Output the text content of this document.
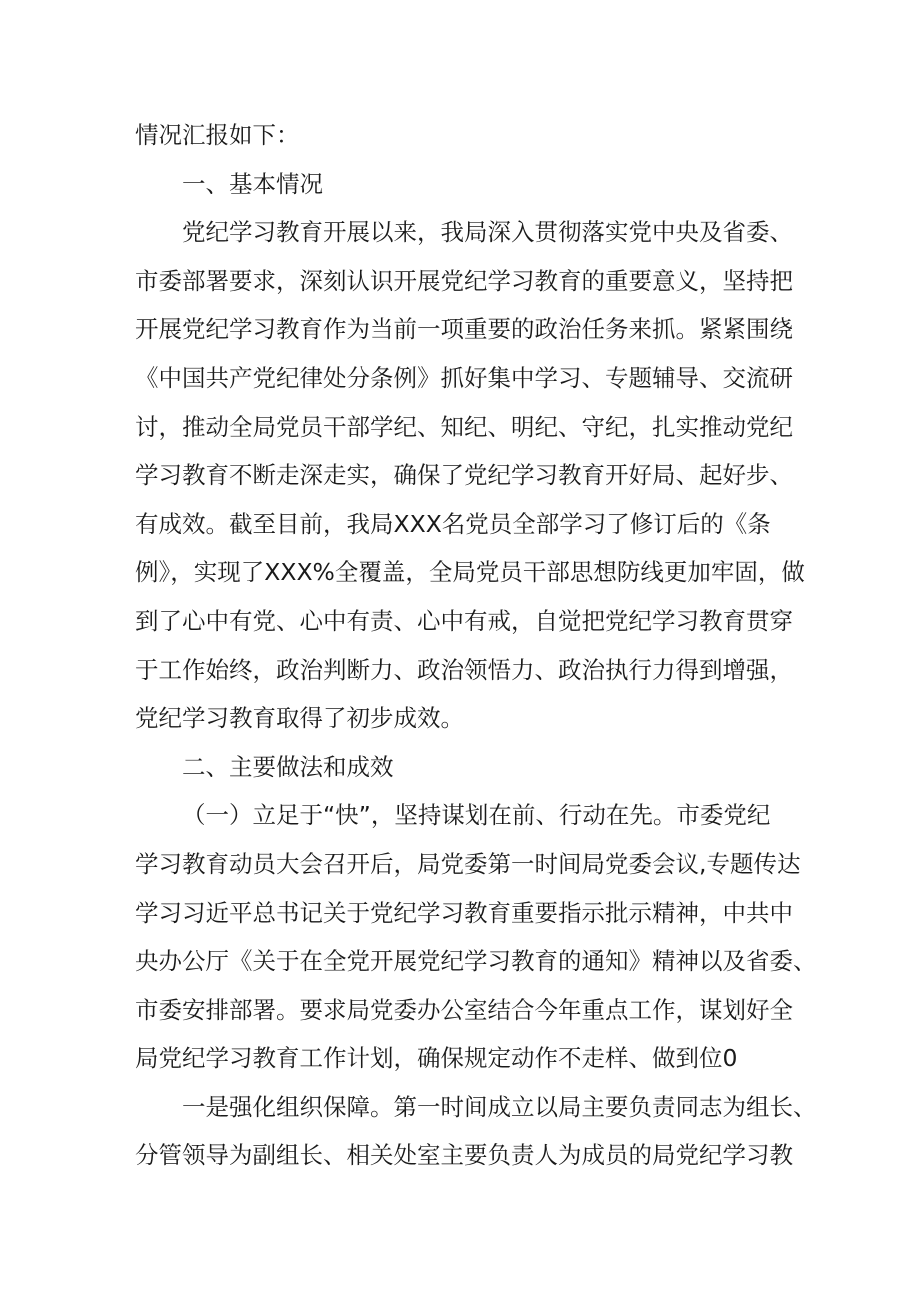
情况汇报如下：
一、基本情况
党纪学习教育开展以来，我局深入贯彻落实党中央及省委、
市委部署要求，深刻认识开展党纪学习教育的重要意义，坚持把
开展党纪学习教育作为当前一项重要的政治任务来抓。紧紧围绕
《中国共产党纪律处分条例》抓好集中学习、专题辅导、交流研
讨，推动全局党员干部学纪、知纪、明纪、守纪，扎实推动党纪
学习教育不断走深走实，确保了党纪学习教育开好局、起好步、
有成效。截至目前，我局XXX名党员全部学习了修订后的《条
例》，实现了XXX%全覆盖，全局党员干部思想防线更加牢固，做
到了心中有党、心中有责、心中有戒，自觉把党纪学习教育贯穿
于工作始终，政治判断力、政治领悟力、政治执行力得到增强，
党纪学习教育取得了初步成效。
二、主要做法和成效
（一）立足于“快”，坚持谋划在前、行动在先。市委党纪
学习教育动员大会召开后，局党委第一时间局党委会议,专题传达
学习习近平总书记关于党纪学习教育重要指示批示精神，中共中
央办公厅《关于在全党开展党纪学习教育的通知》精神以及省委、
市委安排部署。要求局党委办公室结合今年重点工作，谋划好全
局党纪学习教育工作计划，确保规定动作不走样、做到位0
一是强化组织保障。第一时间成立以局主要负责同志为组长、
分管领导为副组长、相关处室主要负责人为成员的局党纪学习教
